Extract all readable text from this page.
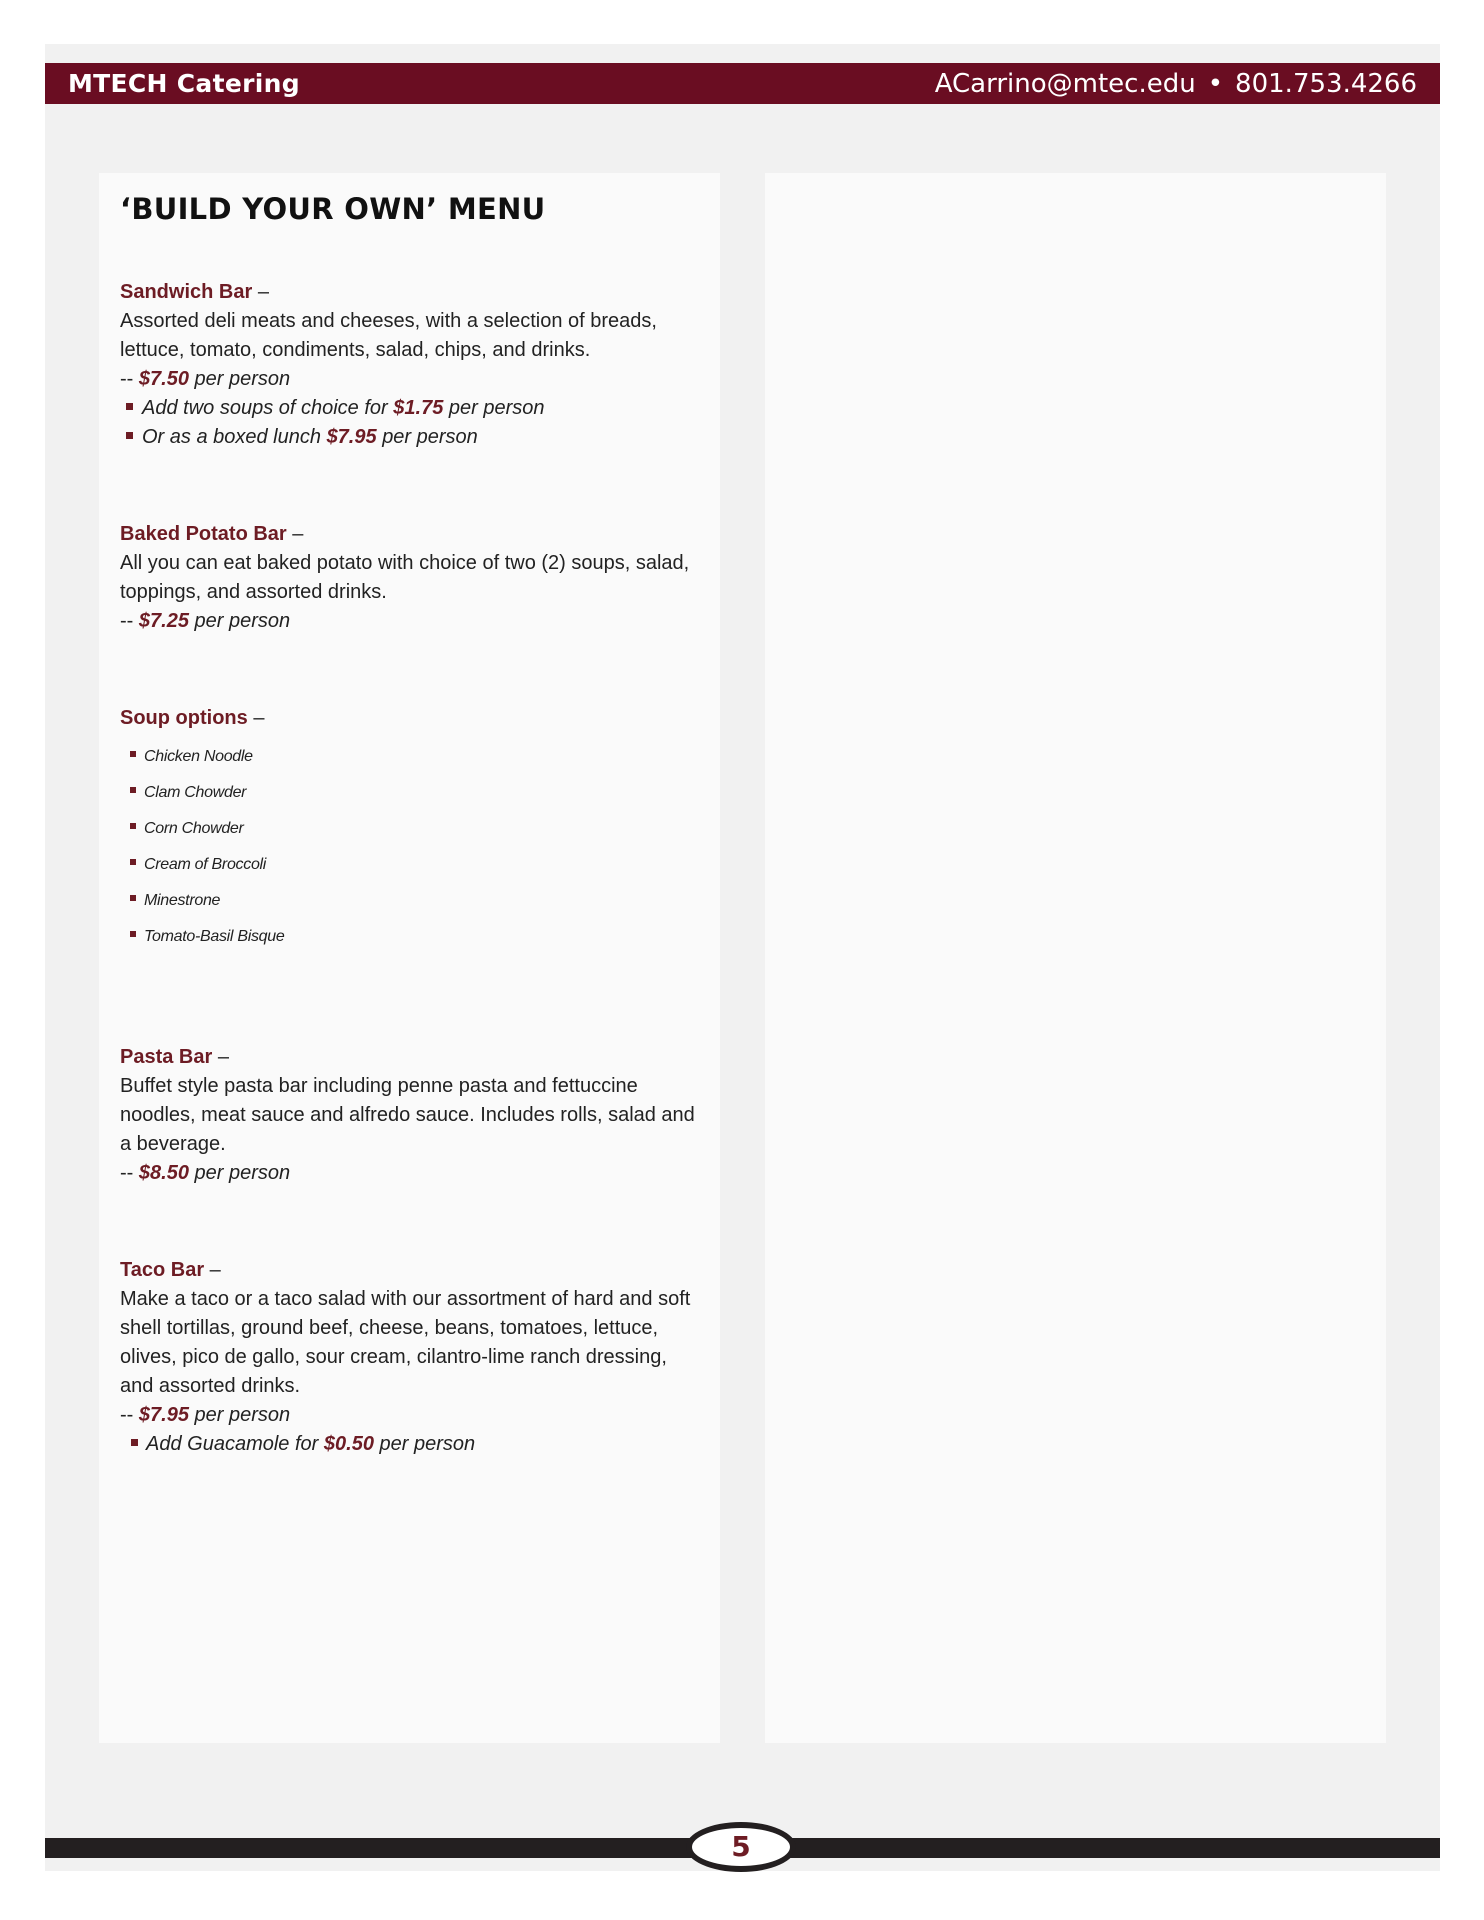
MTECH Catering	ACarrino@mtec.edu • 801.753.4266
‘BUILD YOUR OWN’ MENU
Sandwich Bar –
Assorted deli meats and cheeses, with a selection of breads, lettuce, tomato, condiments, salad, chips, and drinks.
-- $7.50 per person
Add two soups of choice for $1.75 per person
Or as a boxed lunch $7.95 per person
Baked Potato Bar –
All you can eat baked potato with choice of two (2) soups, salad, toppings, and assorted drinks.
-- $7.25 per person
Soup options –
Chicken Noodle
Clam Chowder
Corn Chowder
Cream of Broccoli
Minestrone
Tomato-Basil Bisque
Pasta Bar –
Buffet style pasta bar including penne pasta and fettuccine noodles, meat sauce and alfredo sauce. Includes rolls, salad and a beverage.
-- $8.50 per person
Taco Bar –
Make a taco or a taco salad with our assortment of hard and soft shell tortillas, ground beef, cheese, beans, tomatoes, lettuce, olives, pico de gallo, sour cream, cilantro-lime ranch dressing, and assorted drinks.
-- $7.95 per person
Add Guacamole for $0.50 per person
5
